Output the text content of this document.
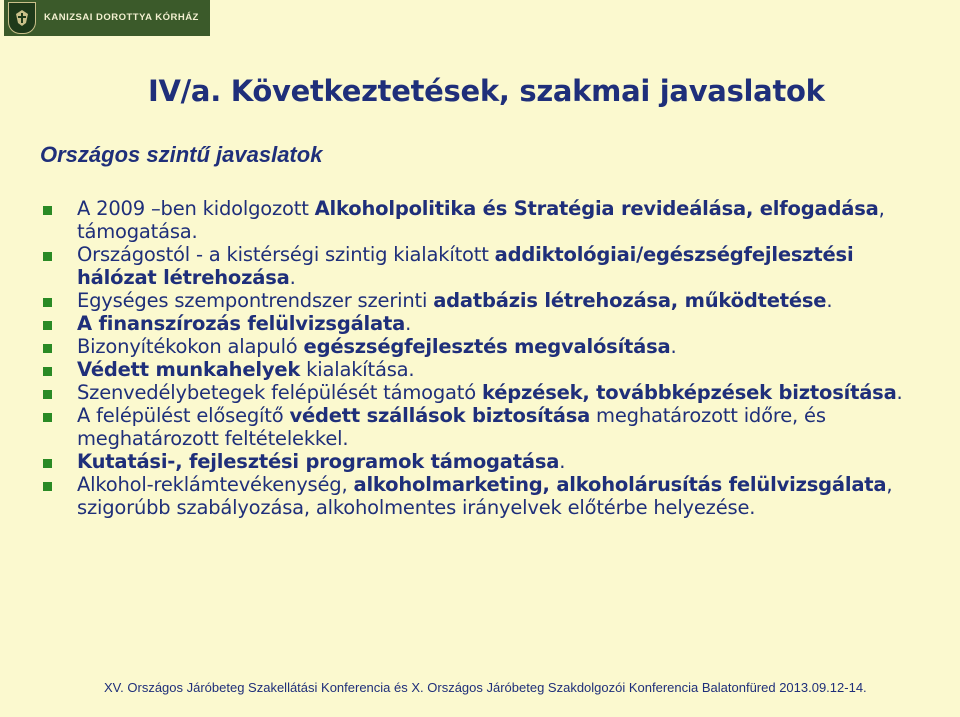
KANIZSAI DOROTTYA KÓRHÁZ
IV/a. Következtetések, szakmai javaslatok
Országos szintű javaslatok
A 2009 –ben kidolgozott Alkoholpolitika és Stratégia revideálása, elfogadása, támogatása.
Országostól - a kistérségi szintig kialakított addiktológiai/egészségfejlesztési hálózat létrehozása.
Egységes szempontrendszer szerinti adatbázis létrehozása, működtetése.
A finanszírozás felülvizsgálata.
Bizonyítékokon alapuló egészségfejlesztés megvalósítása.
Védett munkahelyek kialakítása.
Szenvedélybetegek felépülését támogató képzések, továbbképzések biztosítása.
A felépülést elősegítő védett szállások biztosítása meghatározott időre, és meghatározott feltételekkel.
Kutatási-, fejlesztési programok támogatása.
Alkohol-reklámtevékenység, alkoholmarketing, alkoholárusítás felülvizsgálata, szigorúbb szabályozása, alkoholmentes irányelvek előtérbe helyezése.
XV. Országos Járóbeteg Szakellátási Konferencia és X. Országos Járóbeteg Szakdolgozói Konferencia Balatonfüred 2013.09.12-14.
